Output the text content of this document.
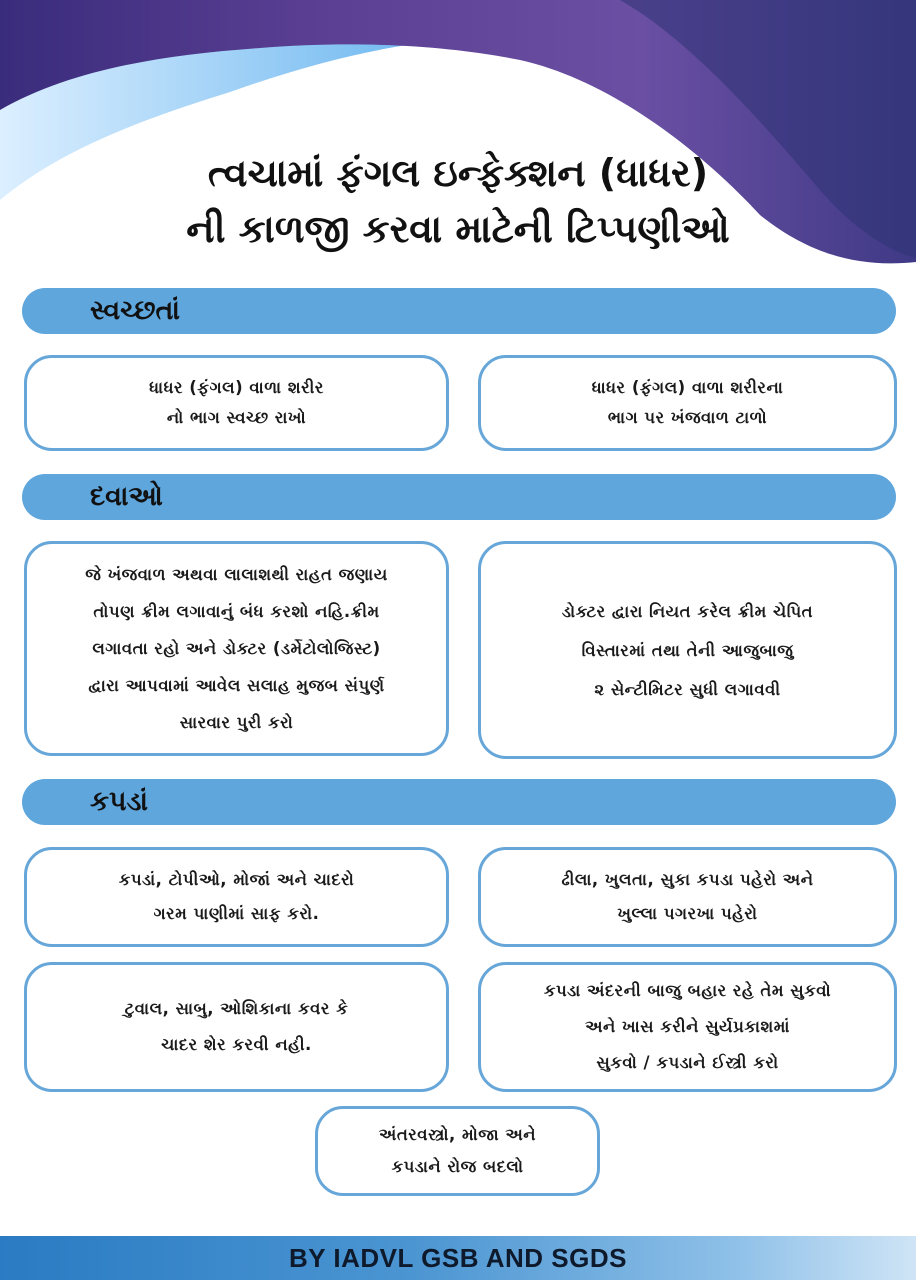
ત્વચામાં ફંગલ ઇન્ફેક્શન (ધાધર)
ની કાળજી કરવા માટેની ટિપ્પણીઓ
સ્વચ્છતાં
ધાધર (ફંગલ) વાળા શરીર
નો ભાગ સ્વચ્છ રાખો
ધાધર (ફંગલ) વાળા શરીરના
ભાગ પર ખંજવાળ ટાળો
દવાઓ
જે ખંજવાળ અથવા લાલાશથી રાહત જણાય
તોપણ ક્રીમ લગાવાનું બંધ કરશો નહિ.ક્રીમ
લગાવતા રહો અને ડોક્ટર (ડર્મેટોલોજિસ્ટ)
દ્વારા આપવામાં આવેલ સલાહ મુજબ સંપુર્ણ
સારવાર પુરી કરો
ડોક્ટર દ્વારા નિયત કરેલ ક્રીમ ચેપિત
વિસ્તારમાં તથા તેની આજુબાજુ
૨ સેન્ટીમિટર સુધી લગાવવી
કપડાં
કપડાં, ટોપીઓ, મોજાં અને ચાદરો
ગરમ પાણીમાં સાફ કરો.
ઢીલા, ખુલતા, સુકા કપડા પહેરો અને
ખુલ્લા પગરખા પહેરો
ટુવાલ, સાબુ, ઓશિકાના કવર કે
ચાદર શેર કરવી નહી.
કપડા અંદરની બાજુ બહાર રહે તેમ સુકવો
અને ખાસ કરીને સુર્યપ્રકાશમાં
સુકવો / કપડાને ઈસ્ત્રી કરો
અંતરવસ્ત્રો, મોજા અને
કપડાને રોજ બદલો
BY IADVL GSB AND SGDS
